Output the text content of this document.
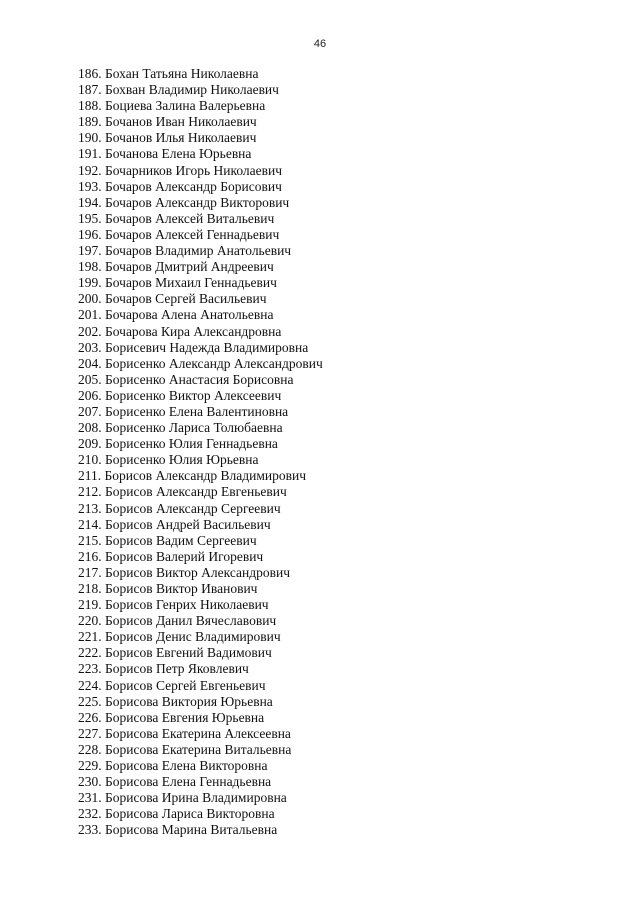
46
186. Бохан Татьяна Николаевна
187. Бохван Владимир Николаевич
188. Боциева Залина Валерьевна
189. Бочанов Иван Николаевич
190. Бочанов Илья Николаевич
191. Бочанова Елена Юрьевна
192. Бочарников Игорь Николаевич
193. Бочаров Александр Борисович
194. Бочаров Александр Викторович
195. Бочаров Алексей Витальевич
196. Бочаров Алексей Геннадьевич
197. Бочаров Владимир Анатольевич
198. Бочаров Дмитрий Андреевич
199. Бочаров Михаил Геннадьевич
200. Бочаров Сергей Васильевич
201. Бочарова Алена Анатольевна
202. Бочарова Кира Александровна
203. Борисевич Надежда Владимировна
204. Борисенко Александр Александрович
205. Борисенко Анастасия Борисовна
206. Борисенко Виктор Алексеевич
207. Борисенко Елена Валентиновна
208. Борисенко Лариса Толюбаевна
209. Борисенко Юлия Геннадьевна
210. Борисенко Юлия Юрьевна
211. Борисов Александр Владимирович
212. Борисов Александр Евгеньевич
213. Борисов Александр Сергеевич
214. Борисов Андрей Васильевич
215. Борисов Вадим Сергеевич
216. Борисов Валерий Игоревич
217. Борисов Виктор Александрович
218. Борисов Виктор Иванович
219. Борисов Генрих Николаевич
220. Борисов Данил Вячеславович
221. Борисов Денис Владимирович
222. Борисов Евгений Вадимович
223. Борисов Петр Яковлевич
224. Борисов Сергей Евгеньевич
225. Борисова Виктория Юрьевна
226. Борисова Евгения Юрьевна
227. Борисова Екатерина Алексеевна
228. Борисова Екатерина Витальевна
229. Борисова Елена Викторовна
230. Борисова Елена Геннадьевна
231. Борисова Ирина Владимировна
232. Борисова Лариса Викторовна
233. Борисова Марина Витальевна
